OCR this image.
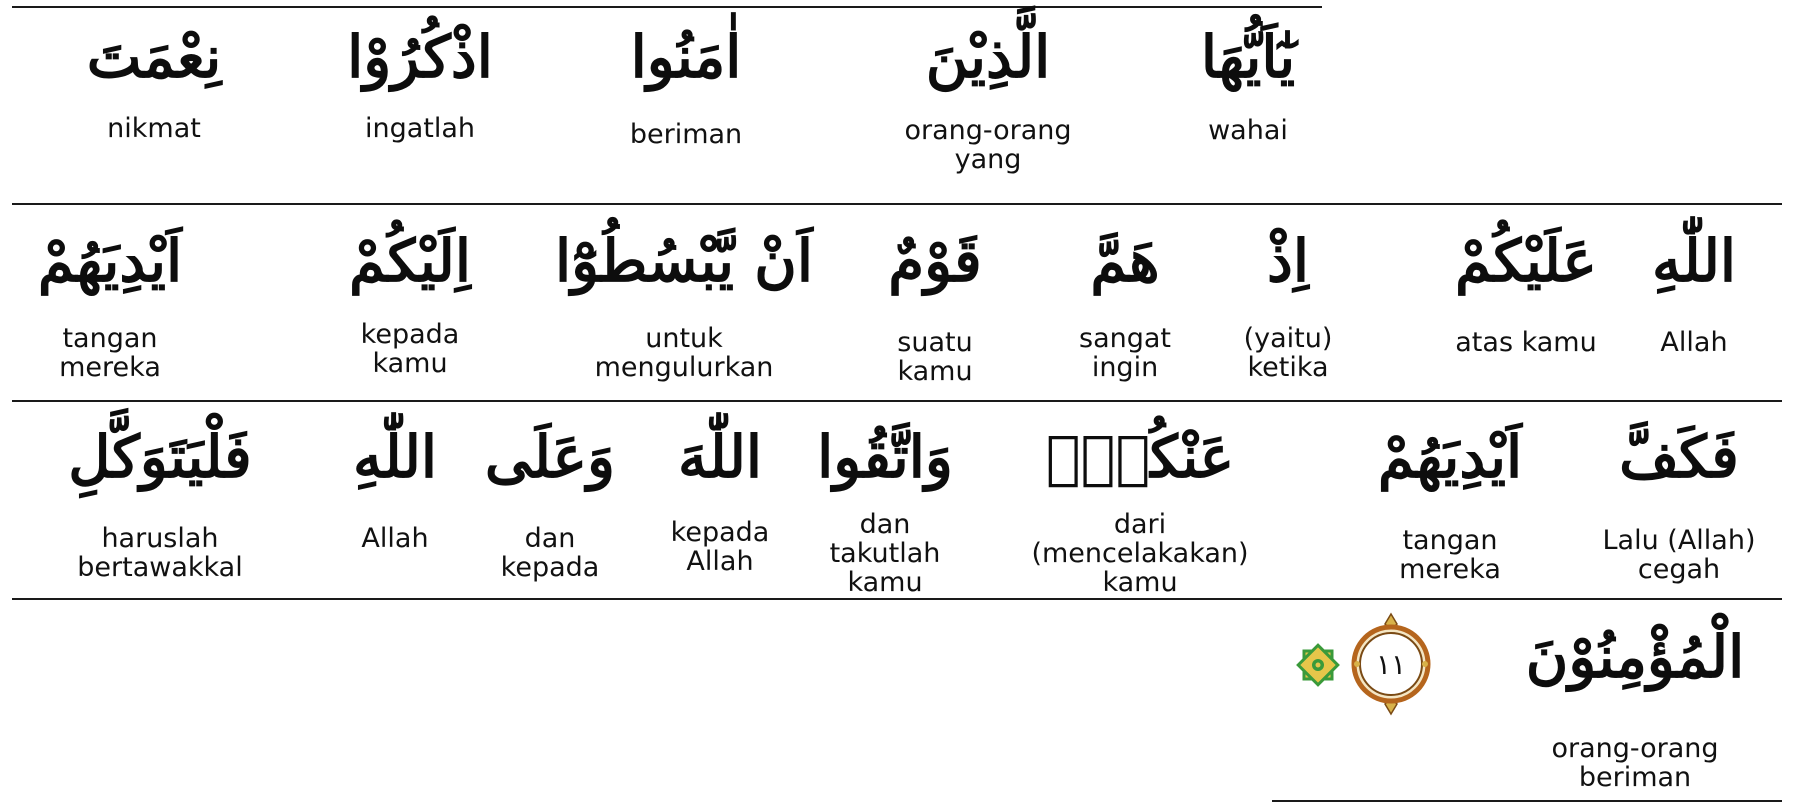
يٰٓاَيُّهَا
wahai
الَّذِيْنَ
orang-orang
yang
اٰمَنُوا
beriman
اذْكُرُوْا
ingatlah
نِعْمَتَ
nikmat
اللّٰهِ
Allah
عَلَيْكُمْ
atas kamu
اِذْ
(yaitu)
ketika
هَمَّ
sangat
ingin
قَوْمٌ
suatu
kamu
اَنْ يَّبْسُطُوْٓا
untuk
mengulurkan
اِلَيْكُمْ
kepada
kamu
اَيْدِيَهُمْ
tangan
mereka
فَكَفَّ
Lalu (Allah)
cegah
اَيْدِيَهُمْ
tangan
mereka
عَنْكُمْۚ
dari
(mencelakakan)
kamu
وَاتَّقُوا
dan
takutlah
kamu
اللّٰهَ
kepada
Allah
وَعَلَى
dan
kepada
اللّٰهِ
Allah
فَلْيَتَوَكَّلِ
haruslah
bertawakkal
الْمُؤْمِنُوْنَ
orang-orang
beriman
١١
